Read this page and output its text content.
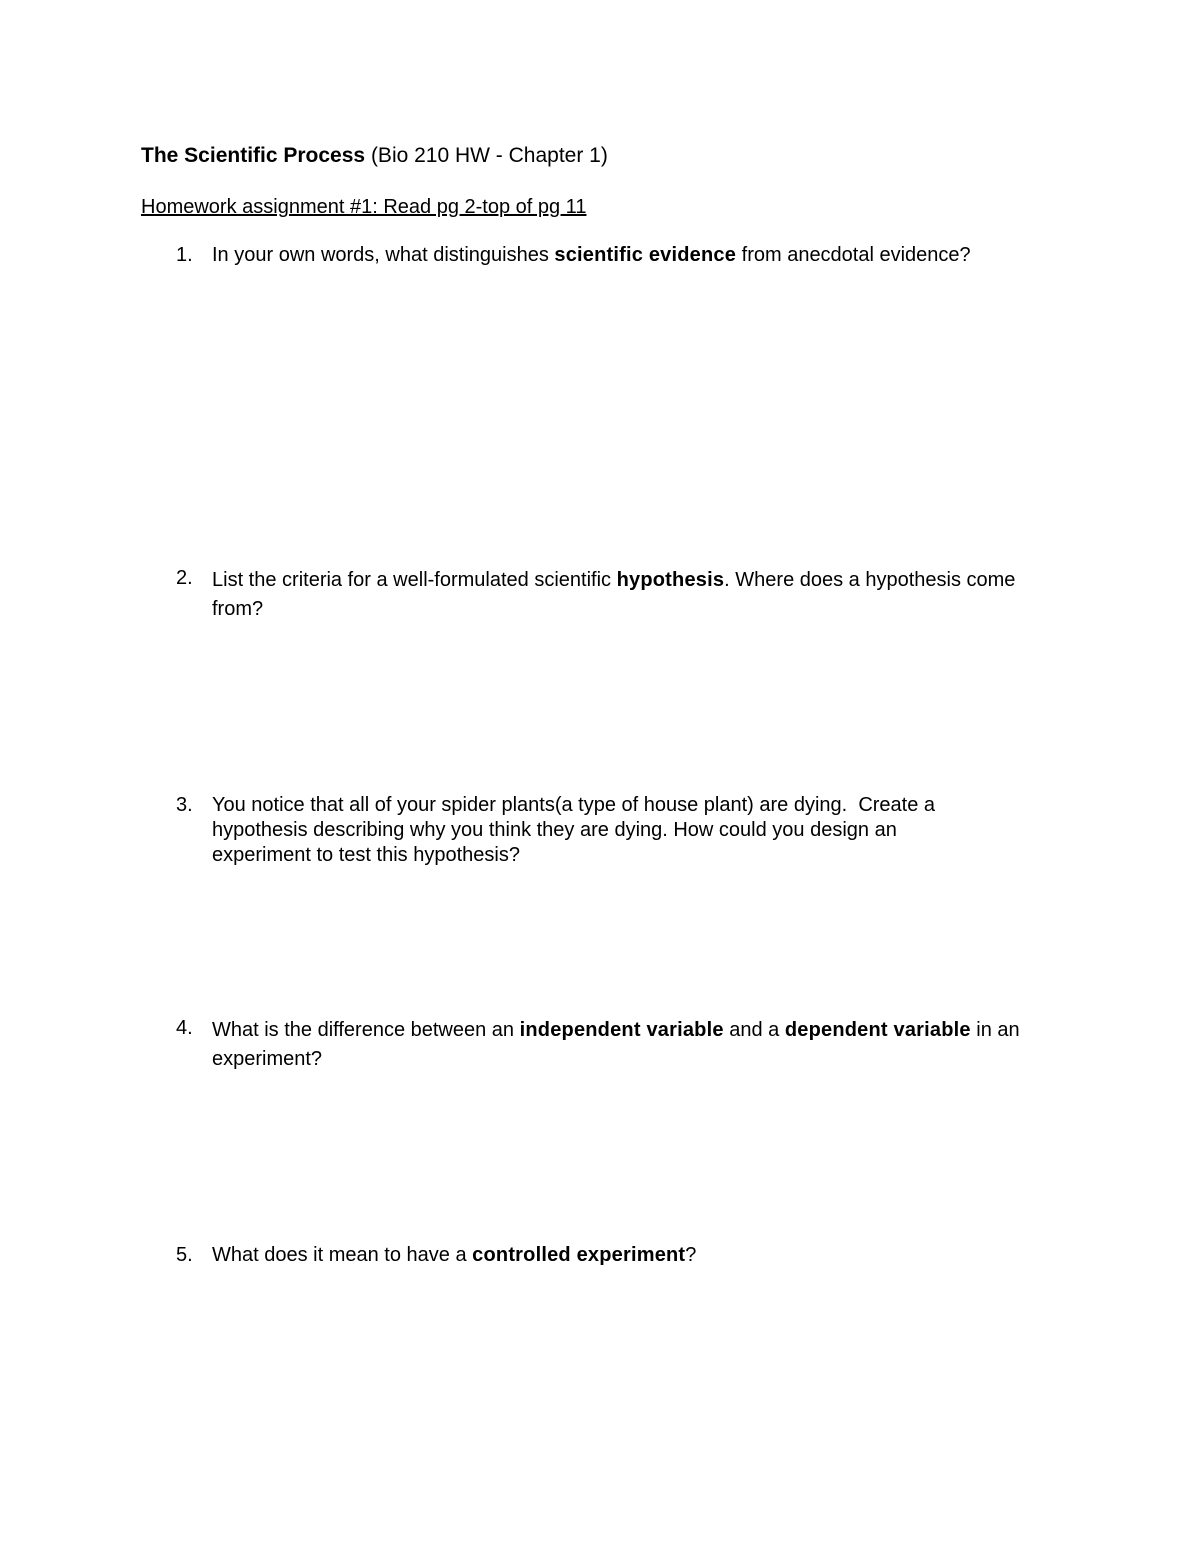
The Scientific Process (Bio 210 HW - Chapter 1)
Homework assignment #1: Read pg 2-top of pg 11
1. In your own words, what distinguishes scientific evidence from anecdotal evidence?
2. List the criteria for a well-formulated scientific hypothesis. Where does a hypothesis come from?
3. You notice that all of your spider plants(a type of house plant) are dying.  Create a
hypothesis describing why you think they are dying. How could you design an
experiment to test this hypothesis?
4. What is the difference between an independent variable and a dependent variable in an experiment?
5. What does it mean to have a controlled experiment?
